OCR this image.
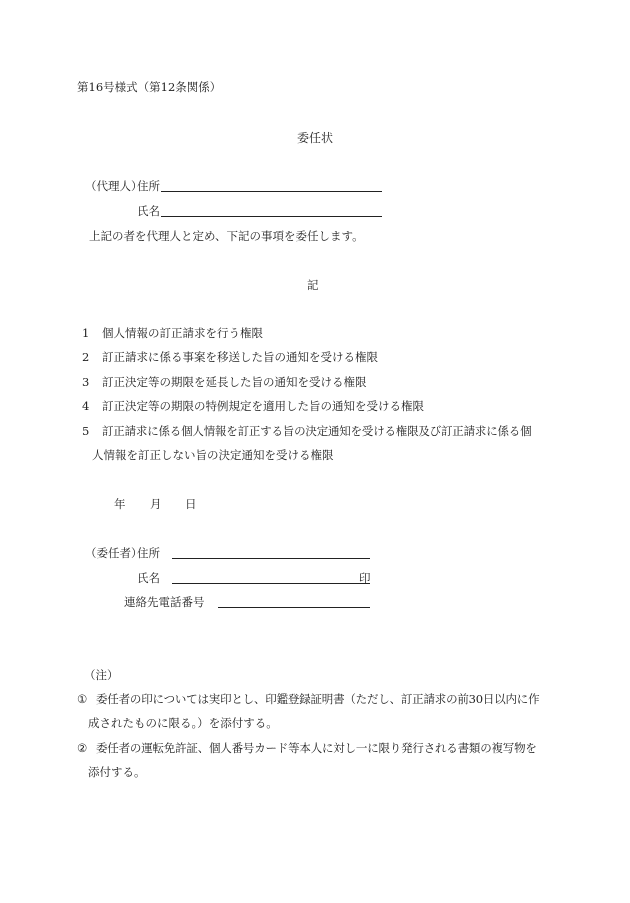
第16号様式（第12条関係）
委任状
（代理人）
住所
氏名
上記の者を代理人と定め、下記の事項を委任します。
記
1 個人情報の訂正請求を行う権限
2 訂正請求に係る事案を移送した旨の通知を受ける権限
3 訂正決定等の期限を延長した旨の通知を受ける権限
4 訂正決定等の期限の特例規定を適用した旨の通知を受ける権限
5 訂正請求に係る個人情報を訂正する旨の決定通知を受ける権限及び訂正請求に係る個
人情報を訂正しない旨の決定通知を受ける権限
年 月 日
（委任者）
住所
氏名	印
連絡先電話番号
（注）
① 委任者の印については実印とし、印鑑登録証明書（ただし、訂正請求の前30日以内に作
成されたものに限る。）を添付する。
② 委任者の運転免許証、個人番号カード等本人に対し一に限り発行される書類の複写物を
添付する。
